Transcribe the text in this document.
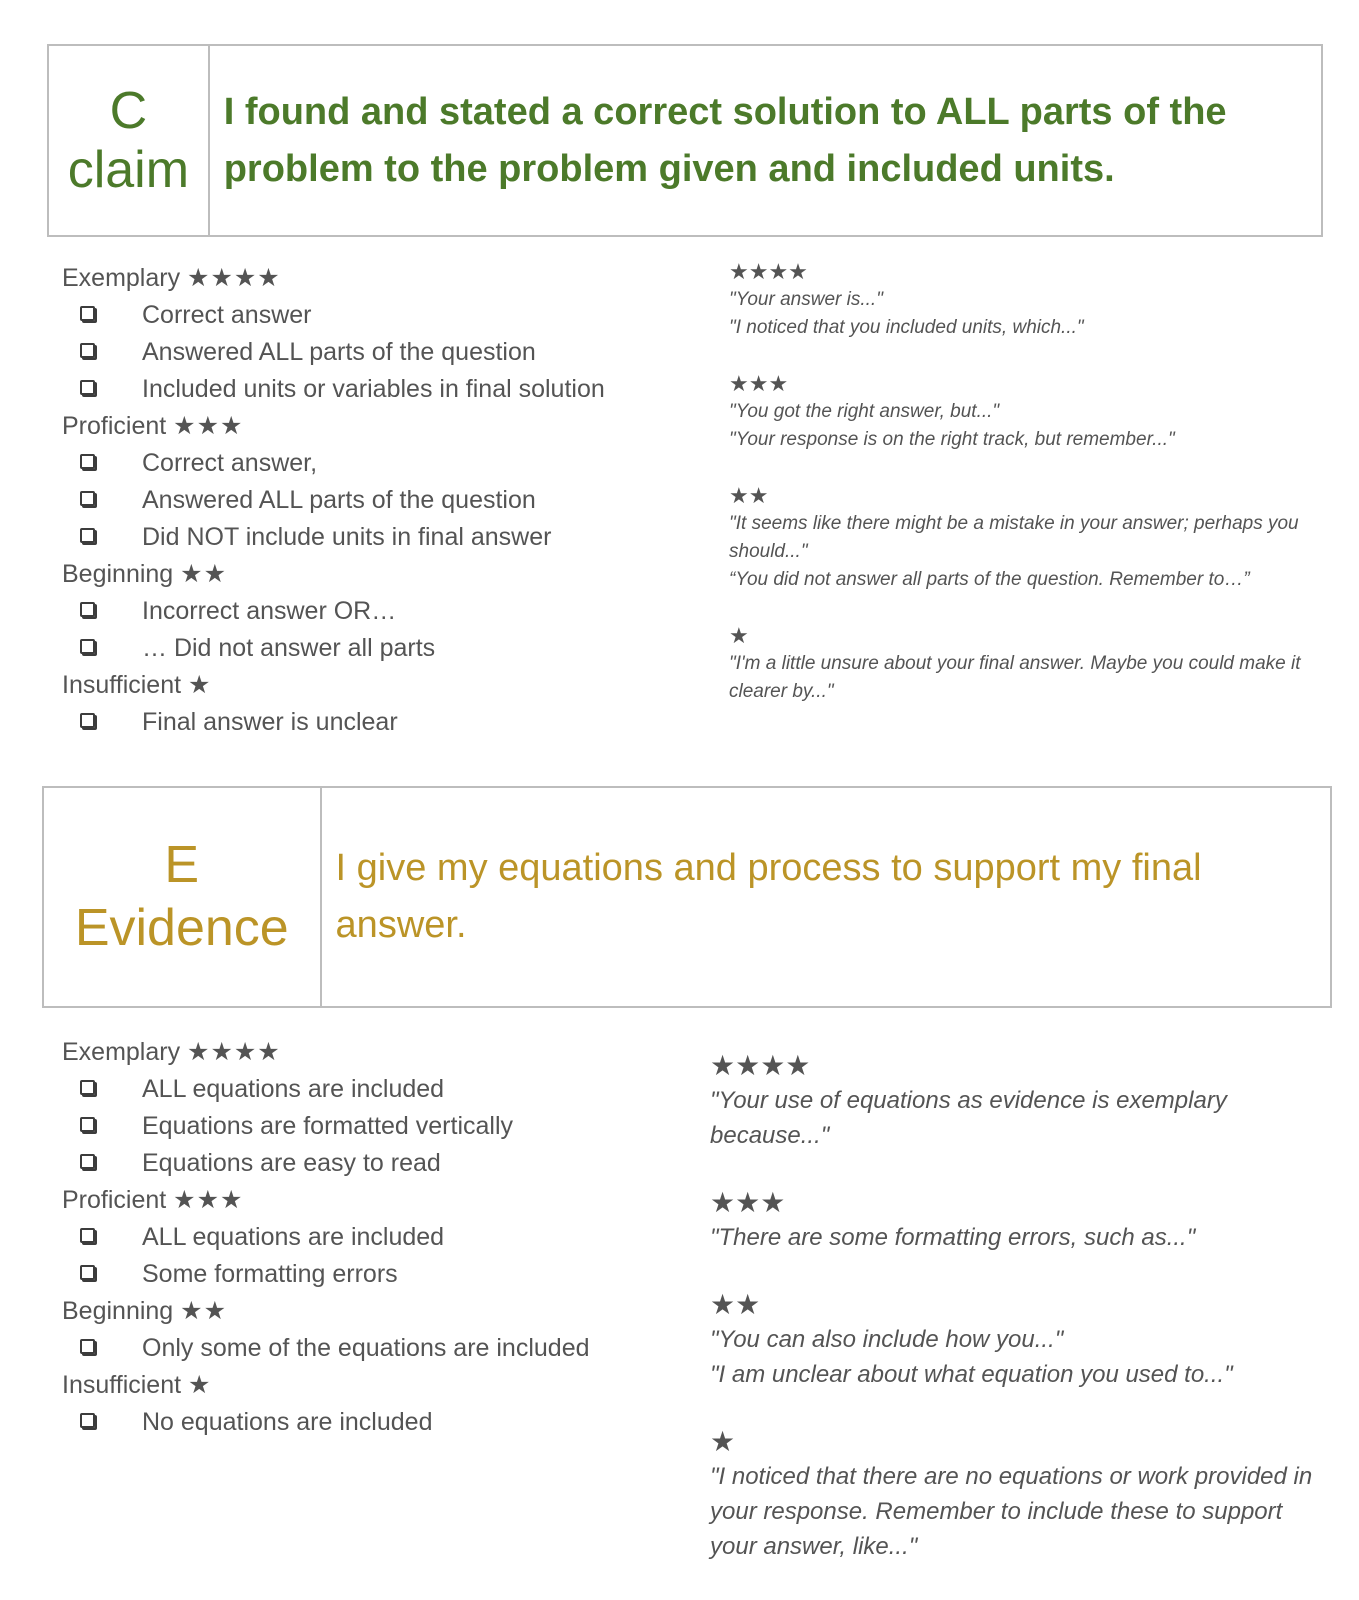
C
claim
I found and stated a correct solution to ALL parts of the problem to the problem given and included units.
Exemplary ★★★★
Correct answer
Answered ALL parts of the question
Included units or variables in final solution
Proficient ★★★
Correct answer,
Answered ALL parts of the question
Did NOT include units in final answer
Beginning ★★
Incorrect answer OR…
… Did not answer all parts
Insufficient ★
Final answer is unclear
★★★★
"Your answer is..."
"I noticed that you included units, which..."
★★★
"You got the right answer, but..."
"Your response is on the right track, but remember..."
★★
"It seems like there might be a mistake in your answer; perhaps you should..."
“You did not answer all parts of the question. Remember to…”
★
"I'm a little unsure about your final answer. Maybe you could make it clearer by..."
E
Evidence
I give my equations and process to support my final answer.
Exemplary ★★★★
ALL equations are included
Equations are formatted vertically
Equations are easy to read
Proficient ★★★
ALL equations are included
Some formatting errors
Beginning ★★
Only some of the equations are included
Insufficient ★
No equations are included
★★★★
"Your use of equations as evidence is exemplary because..."
★★★
"There are some formatting errors, such as..."
★★
"You can also include how you..."
"I am unclear about what equation you used to..."
★
"I noticed that there are no equations or work provided in your response. Remember to include these to support your answer, like..."
